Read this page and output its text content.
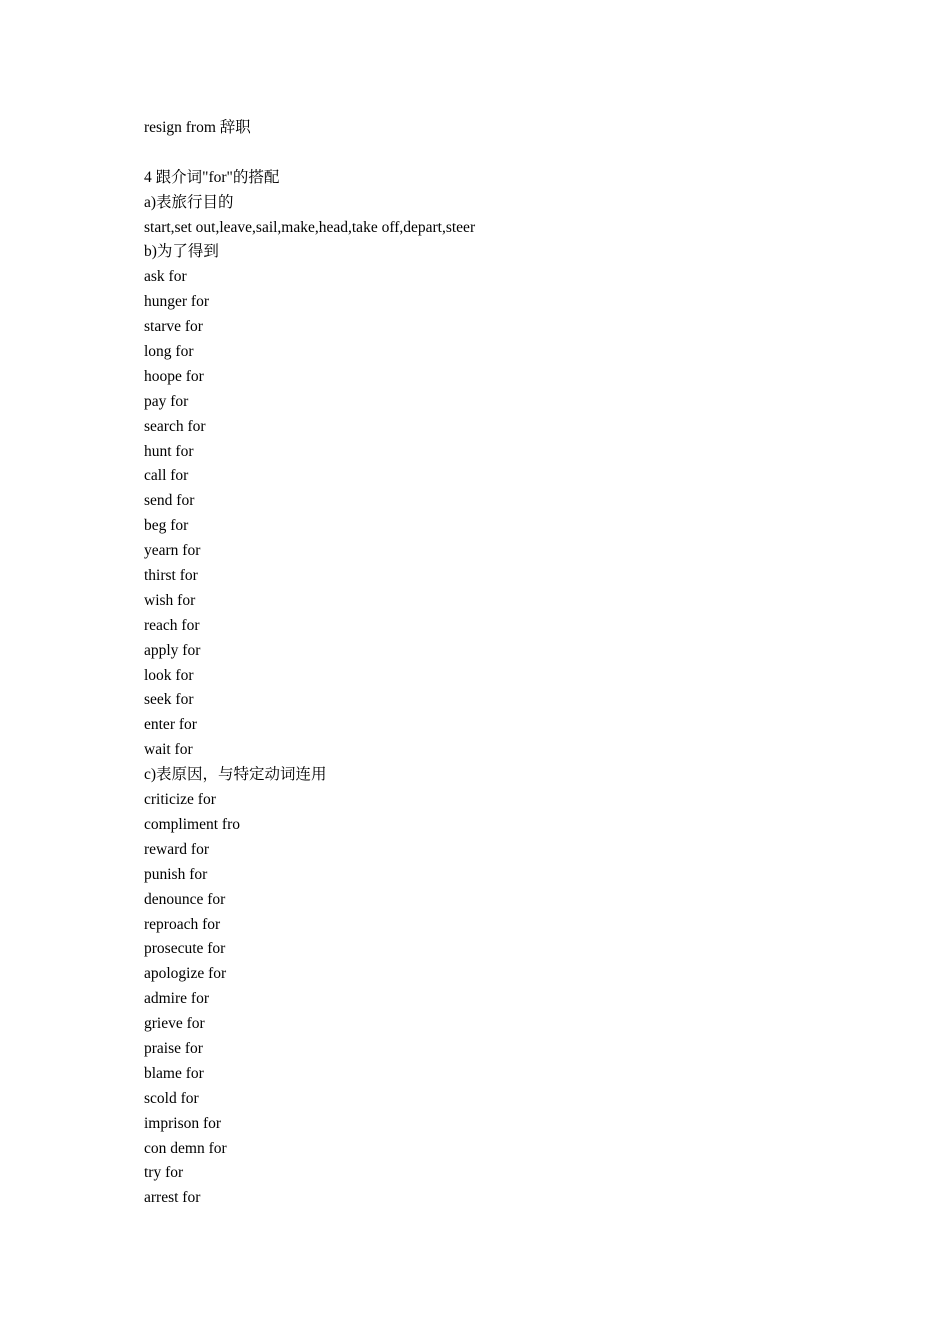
resign from 辞职
4 跟介词"for"的搭配
a)表旅行目的
start,set out,leave,sail,make,head,take off,depart,steer
b)为了得到
ask for
hunger for
starve for
long for
hoope for
pay for
search for
hunt for
call for
send for
beg for
yearn for
thirst for
wish for
reach for
apply for
look for
seek for
enter for
wait for
c)表原因，与特定动词连用
criticize for
compliment fro
reward for
punish for
denounce for
reproach for
prosecute for
apologize for
admire for
grieve for
praise for
blame for
scold for
imprison for
con demn for
try for
arrest for
